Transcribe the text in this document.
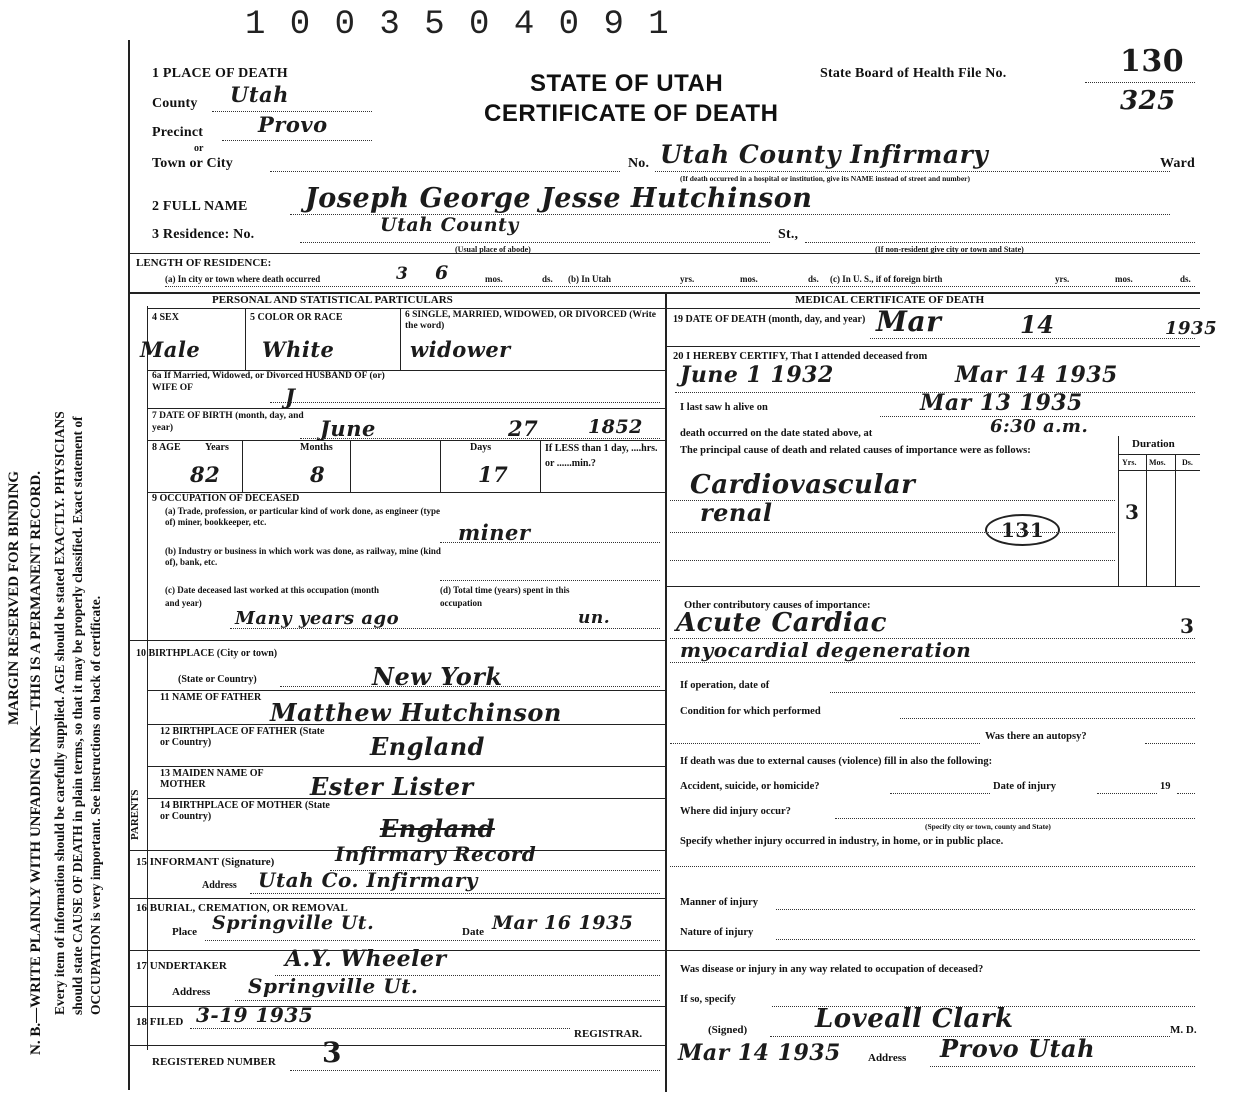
1 0 0 3 5 0 4 0 9 1
MARGIN RESERVED FOR BINDING N. B.—WRITE PLAINLY WITH UNFADING INK—THIS IS A PERMANENT RECORD. Every item of information should be carefully supplied. AGE should be stated EXACTLY. PHYSICIANS should state CAUSE OF DEATH in plain terms, so that it may be properly classified. Exact statement of OCCUPATION is very important. See instructions on back of certificate.
1 PLACE OF DEATH	STATE OF UTAH
CERTIFICATE OF DEATH
State Board of Health File No.	130
325
County Utah
Precinct	Provo
or
Town or City	No. Utah County Infirmary	Ward
(If death occurred in a hospital or institution, give its NAME instead of street and number)
2 FULL NAME Joseph George Jesse Hutchinson
3 Residence: No.	Utah County
(Usual place of abode)
St.,
(If non-resident give city or town and State)
LENGTH OF RESIDENCE:
(a) In city or town where death occurred	3 6	mos.	ds. (b) In Utah	yrs.	mos.	ds. (c) In U. S., if of foreign birth	yrs.	mos.	ds.
PERSONAL AND STATISTICAL PARTICULARS
4 SEX
Male
5 COLOR OR RACE
White
6 SINGLE, MARRIED, WIDOWED, OR DIVORCED (Write the word)
widower
6a If Married, Widowed, or Divorced HUSBAND OF (or) WIFE OF	J
7 DATE OF BIRTH (month, day, and year)	June	27	1852
8 AGE Years	Months	Days
82	8	17
If LESS than 1 day, ....hrs. or ......min.?
9 OCCUPATION OF DECEASED
(a) Trade, profession, or particular kind of work done, as engineer (type of) miner, bookkeeper, etc.	miner
(b) Industry or business in which work was done, as railway, mine (kind of), bank, etc.
(c) Date deceased last worked at this occupation (month and year)
Many years ago
(d) Total time (years) spent in this occupation
un.
10 BIRTHPLACE (City or town)
(State or Country)	New York
PARENTS
11 NAME OF FATHER
Matthew Hutchinson
12 BIRTHPLACE OF FATHER (State or Country)	England
13 MAIDEN NAME OF MOTHER	Ester Lister
14 BIRTHPLACE OF MOTHER (State or Country)	England
15 INFORMANT (Signature)	Infirmary Record
Address Utah Co. Infirmary
16 BURIAL, CREMATION, OR REMOVAL
Place Springville Ut.	Date Mar 16 1935
17 UNDERTAKER	A.Y. Wheeler
Address Springville Ut.
18 FILED 3-19 1935
REGISTRAR.
REGISTERED NUMBER 3
MEDICAL CERTIFICATE OF DEATH
19 DATE OF DEATH (month, day, and year) Mar	14	1935
20 I HEREBY CERTIFY, That I attended deceased from
June 1 1932	Mar 14 1935
I last saw h alive on	Mar 13 1935
death occurred on the date stated above, at	6:30 a.m.
Duration
Yrs. Mos. Ds.
The principal cause of death and related causes of importance were as follows:
Cardiovascular
renal
131
3
Other contributory causes of importance:
Acute Cardiac	3
myocardial degeneration
If operation, date of
Condition for which performed
Was there an autopsy?
If death was due to external causes (violence) fill in also the following:
Accident, suicide, or homicide?	Date of injury	19
Where did injury occur?
(Specify city or town, county and State)
Specify whether injury occurred in industry, in home, or in public place.
Manner of injury
Nature of injury
Was disease or injury in any way related to occupation of deceased?
If so, specify
(Signed)	Loveall Clark	M. D.
Mar 14 1935 Address Provo Utah
